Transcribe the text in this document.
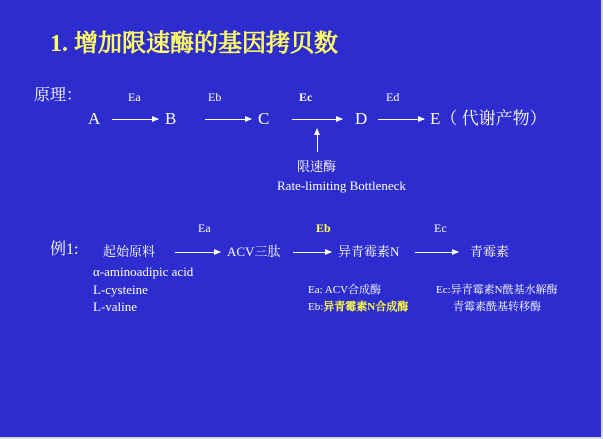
1. 增加限速酶的基因拷贝数
原理：	Ea	Eb	Ec	Ed
A	B	C	D	E（ 代谢产物）
限速酶
Rate-limiting Bottleneck
Ea	Eb	Ec
例1: 起始原料	ACV三肽	异青霉素N	青霉素
α-aminoadipic acid
L-cysteine
L-valine
Ea: ACV合成酶
Eb:异青霉素N合成酶
Ec:异青霉素N酰基水解酶
青霉素酰基转移酶
